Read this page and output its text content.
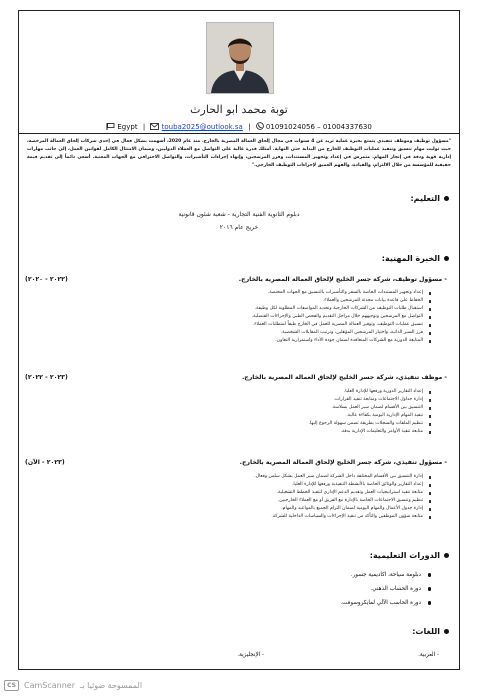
توبة محمد ابو الحارث
Egypt | touba2025@outlook.sa | 01091024056 – 01004337630
"مسؤول توظيف وموظف تنفيذي يتمتع بخبرة عملية تزيد عن 4 سنوات في مجال إلحاق العمالة المصرية بالخارج. منذ عام 2020، أسهمت بشكل فعال في إحدى شركات إلحاق العمالة المرخصة، حيث توليت مهام تنسيق وتنفيذ عمليات التوظيف للخارج من البداية حتى النهاية. أمتلك قدرة عالية على التواصل مع العملاء الدوليين، وضمان الامتثال الكامل لقوانين العمل، إلى جانب مهارات إدارية قوية ودقة في إنجاز المهام. متمرس في إعداد وتجهيز المستندات، وفرز المرشحين، وإنهاء إجراءات التأشيرات، والتواصل الاحترافي مع الجهات المعنية. أسعى دائماً إلى تقديم قيمة حقيقية للمؤسسة من خلال الالتزام، والقيادة، والفهم العميق لإجراءات التوظيف الخارجي."
التعليم:
دبلوم الثانوية الفنية التجارية - شعبة شئون قانونية
خريج عام ٢٠١٦
الخبرة المهنية:
- مسؤول توظيف، شركة جسر الخليج لإلحاق العمالة المصرية بالخارج.
(٢٠٢٢ - ٢٠٢٠)
إعداد وتجهيز المستندات الخاصة بالسفر والتأشيرات بالتنسيق مع الجهات المختصة.
الحفاظ على قاعدة بيانات محدثة للمرشحين والعملاء.
استقبال طلبات التوظيف من الشركات الخارجية وتحديد المواصفات المطلوبة لكل وظيفة.
التواصل مع المرشحين وتوجيههم خلال مراحل التقديم والفحص الطبي والإجراءات القنصلية.
تنسيق عمليات التوظيف، وتوفير العمالة المصرية للعمل في الخارج طبقاً لمتطلبات العملاء.
فرز السير الذاتية، واختيار المرشحين المؤهلين، وترتيب المقابلات الشخصية.
المتابعة الدورية مع الشركات المتعاقدة لضمان جودة الأداء واستمرارية التعاون.
- موظف تنفيذي، شركة جسر الخليج لإلحاق العمالة المصرية بالخارج.
(٢٠٢٣ - ٢٠٢٢)
إعداد التقارير الدورية ورفعها للإدارة العليا.
إدارة جداول الاجتماعات ومتابعة تنفيذ القرارات.
التنسيق بين الأقسام لضمان سير العمل بسلاسة.
تنفيذ المهام الإدارية اليومية بكفاءة عالية.
تنظيم الملفات والسجلات بطريقة تضمن سهولة الرجوع إليها.
متابعة تنفيذ الأوامر والتعليمات الإدارية بدقة.
- مسؤول تنفيذي، شركة جسر الخليج لإلحاق العمالة المصرية بالخارج.
(٢٠٢٣ - الآن)
إدارة التنسيق بين الأقسام المختلفة داخل الشركة لضمان سير العمل بشكل سلس وفعال.
إعداد التقارير والوثائق الخاصة بالأنشطة التنفيذية ورفعها للإدارة العليا.
متابعة تنفيذ استراتيجيات العمل وتقديم الدعم الإداري لتنفيذ الخطط التشغيلية.
تنظيم وتنسيق الاجتماعات الخاصة بالإدارة مع الفريق أو مع العملاء الخارجيين.
إدارة جدول الأعمال والمهام اليومية لضمان التزام الجميع بالمواعيد والمهام.
متابعة شؤون الموظفين والتأكد من تنفيذ الإجراءات والسياسات الداخلية للشركة.
الدورات التعليمية:
دبلومة سياحة، اكاديمية جسور.
دورة الحساب الذهني.
دورة الحاسب الآلي لمايكروسوفت.
اللغات:
- العربية.
- الإنجليزية.
CS	CamScanner الممسوحة ضوئيا بـ
